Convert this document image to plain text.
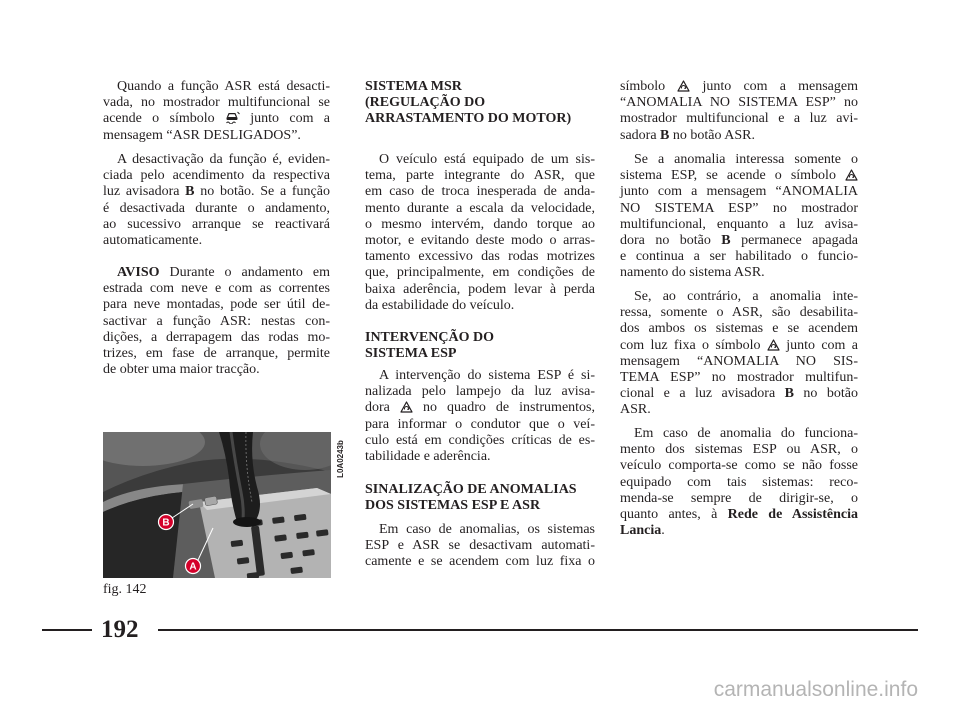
Quando a função ASR está desacti-
vada, no mostrador multifuncional se
acende o símbolo  junto com a
mensagem “ASR DESLIGADOS”.
A desactivação da função é, eviden-
ciada pelo acendimento da respectiva
luz avisadora B no botão. Se a função
é desactivada durante o andamento,
ao sucessivo arranque se reactivará
automaticamente.
AVISO Durante o andamento em
estrada com neve e com as correntes
para neve montadas, pode ser útil de-
sactivar a função ASR: nestas con-
dições, a derrapagem das rodas mo-
trizes, em fase de arranque, permite
de obter uma maior tracção.
B
A
L0A0243b
fig. 142
SISTEMA MSR
(REGULAÇÃO DO
ARRASTAMENTO DO MOTOR)
O veículo está equipado de um sis-
tema, parte integrante do ASR, que
em caso de troca inesperada de anda-
mento durante a escala da velocidade,
o mesmo intervém, dando torque ao
motor, e evitando deste modo o arras-
tamento excessivo das rodas motrizes
que, principalmente, em condições de
baixa aderência, podem levar à perda
da estabilidade do veículo.
INTERVENÇÃO DO
SISTEMA ESP
A intervenção do sistema ESP é si-
nalizada pelo lampejo da luz avisa-
dora  no quadro de instrumentos,
para informar o condutor que o veí-
culo está em condições críticas de es-
tabilidade e aderência.
SINALIZAÇÃO DE ANOMALIAS
DOS SISTEMAS ESP E ASR
Em caso de anomalias, os sistemas
ESP e ASR se desactivam automati-
camente e se acendem com luz fixa o
símbolo  junto com a mensagem
“ANOMALIA NO SISTEMA ESP” no
mostrador multifuncional e a luz avi-
sadora B no botão ASR.
Se a anomalia interessa somente o
sistema ESP, se acende o símbolo
junto com a mensagem “ANOMALIA
NO SISTEMA ESP” no mostrador
multifuncional, enquanto a luz avisa-
dora no botão B permanece apagada
e continua a ser habilitado o funcio-
namento do sistema ASR.
Se, ao contrário, a anomalia inte-
ressa, somente o ASR, são desabilita-
dos ambos os sistemas e se acendem
com luz fixa o símbolo  junto com a
mensagem “ANOMALIA NO SIS-
TEMA ESP” no mostrador multifun-
cional e a luz avisadora B no botão
ASR.
Em caso de anomalia do funciona-
mento dos sistemas ESP ou ASR, o
veículo comporta-se como se não fosse
equipado com tais sistemas: reco-
menda-se sempre de dirigir-se, o
quanto antes, à Rede de Assistência
Lancia.
192
carmanualsonline.info
